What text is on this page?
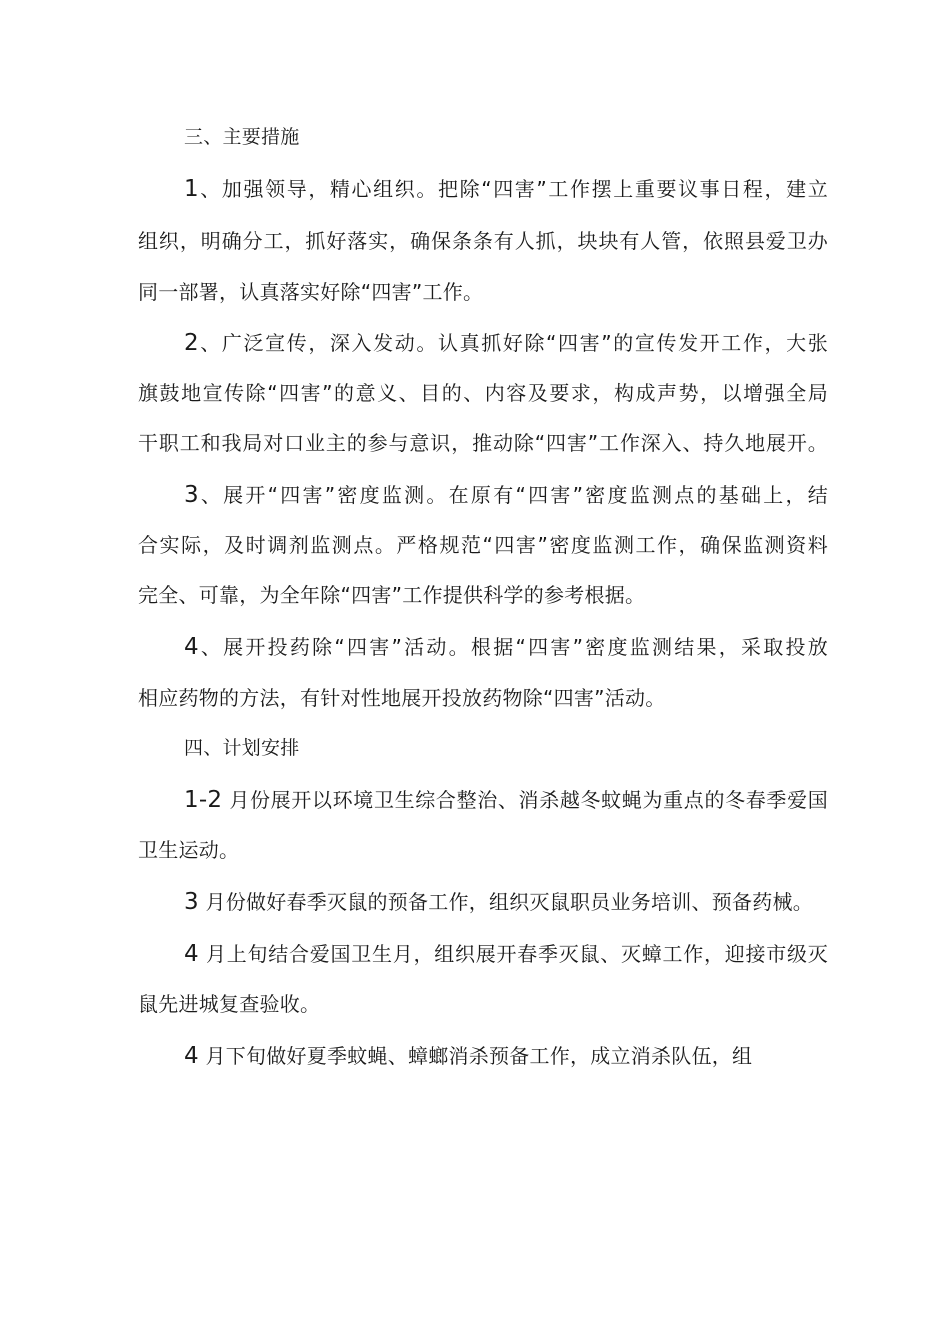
三、主要措施
1、加强领导，精心组织。把除“四害”工作摆上重要议事日程，建立
组织，明确分工，抓好落实，确保条条有人抓，块块有人管，依照县爱卫办
同一部署，认真落实好除“四害”工作。
2、广泛宣传，深入发动。认真抓好除“四害”的宣传发开工作，大张
旗鼓地宣传除“四害”的意义、目的、内容及要求，构成声势，以增强全局
干职工和我局对口业主的参与意识，推动除“四害”工作深入、持久地展开。
3、展开“四害”密度监测。在原有“四害”密度监测点的基础上，结
合实际，及时调剂监测点。严格规范“四害”密度监测工作，确保监测资料
完全、可靠，为全年除“四害”工作提供科学的参考根据。
4、展开投药除“四害”活动。根据“四害”密度监测结果，采取投放
相应药物的方法，有针对性地展开投放药物除“四害”活动。
四、计划安排
1-2 月份展开以环境卫生综合整治、消杀越冬蚊蝇为重点的冬春季爱国
卫生运动。
3 月份做好春季灭鼠的预备工作，组织灭鼠职员业务培训、预备药械。
4 月上旬结合爱国卫生月，组织展开春季灭鼠、灭蟑工作，迎接市级灭
鼠先进城复查验收。
4 月下旬做好夏季蚊蝇、蟑螂消杀预备工作，成立消杀队伍，组
